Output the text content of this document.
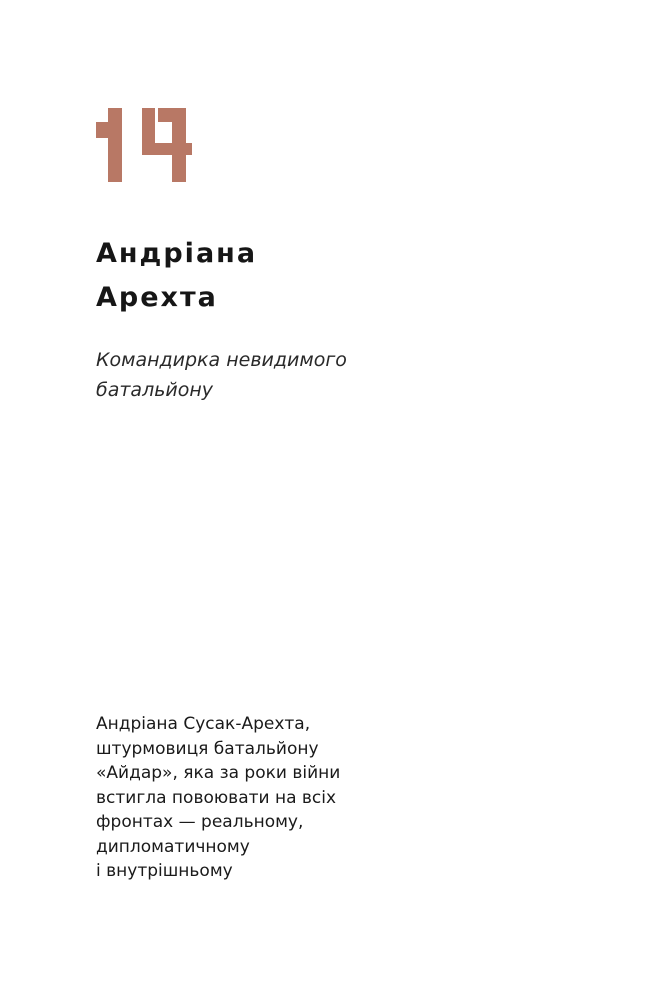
Андріана
Арехта

Командирка невидимого
батальйону

Андріана Сусак-Арехта,
штурмовиця батальйону
«Айдар», яка за роки війни
встигла повоювати на всіх
фронтах — реальному,
дипломатичному
і внутрішньому
